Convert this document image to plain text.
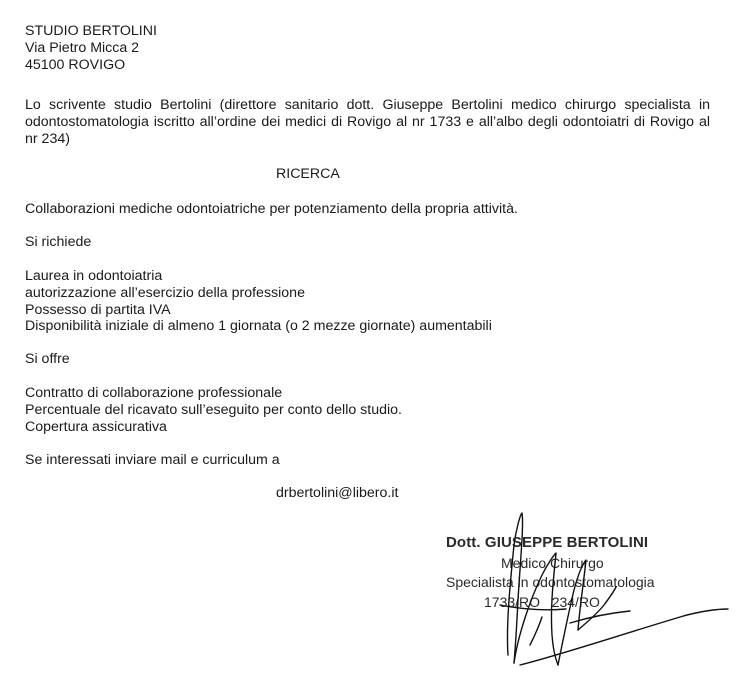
STUDIO BERTOLINI
Via Pietro Micca 2
45100 ROVIGO
Lo scrivente studio Bertolini (direttore sanitario dott. Giuseppe Bertolini medico chirurgo specialista in odontostomatologia iscritto all’ordine dei medici di Rovigo al nr 1733 e all’albo degli odontoiatri di Rovigo al nr 234)
RICERCA
Collaborazioni mediche odontoiatriche per potenziamento della propria attività.
Si richiede
Laurea in odontoiatria
autorizzazione all’esercizio della professione
Possesso di partita IVA
Disponibilità iniziale di almeno 1 giornata (o 2 mezze giornate) aumentabili
Si offre
Contratto di collaborazione professionale
Percentuale del ricavato sull’eseguito per conto dello studio.
Copertura assicurativa
Se interessati inviare mail e curriculum a
drbertolini@libero.it
Dott. GIUSEPPE BERTOLINI
Medico Chirurgo
Specialista in odontostomatologia
1733/RO   234/RO
